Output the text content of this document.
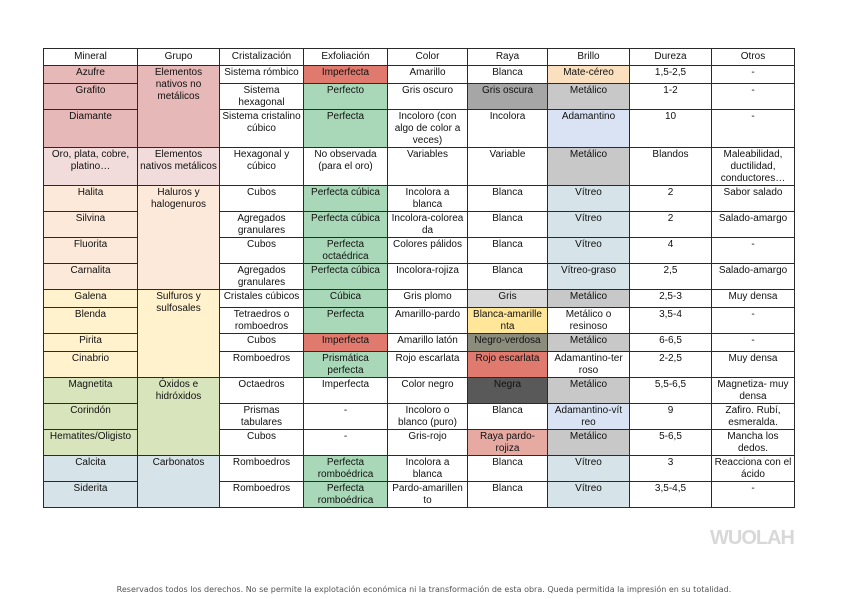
Mineral	Grupo	Cristalización	Exfoliación	Color	Raya	Brillo	Dureza	Otros
Azufre	Elementos nativos no metálicos	Sistema rómbico	Imperfecta	Amarillo	Blanca	Mate-céreo	1,5-2,5	-
Grafito		Sistema hexagonal	Perfecto	Gris oscuro	Gris oscura	Metálico	1-2	-
Diamante		Sistema cristalino cúbico	Perfecta	Incoloro (con algo de color a veces)	Incolora	Adamantino	10	-
Oro, plata, cobre, platino…	Elementos nativos metálicos	Hexagonal y cúbico	No observada (para el oro)	Variables	Variable	Metálico	Blandos	Maleabilidad, ductilidad, conductores…
Halita	Haluros y halogenuros	Cubos	Perfecta cúbica	Incolora a blanca	Blanca	Vítreo	2	Sabor salado
Silvina		Agregados granulares	Perfecta cúbica	Incolora-colorea da	Blanca	Vítreo	2	Salado-amargo
Fluorita		Cubos	Perfecta octaédrica	Colores pálidos	Blanca	Vítreo	4	-
Carnalita		Agregados granulares	Perfecta cúbica	Incolora-rojiza	Blanca	Vítreo-graso	2,5	Salado-amargo
Galena	Sulfuros y sulfosales	Cristales cúbicos	Cúbica	Gris plomo	Gris	Metálico	2,5-3	Muy densa
Blenda		Tetraedros o romboedros	Perfecta	Amarillo-pardo	Blanca-amarille nta	Metálico o resinoso	3,5-4	-
Pirita		Cubos	Imperfecta	Amarillo latón	Negro-verdosa	Metálico	6-6,5	-
Cinabrio		Romboedros	Prismática perfecta	Rojo escarlata	Rojo escarlata	Adamantino-ter roso	2-2,5	Muy densa
Magnetita	Óxidos e hidróxidos	Octaedros	Imperfecta	Color negro	Negra	Metálico	5,5-6,5	Magnetiza- muy densa
Corindón		Prismas tabulares	-	Incoloro o blanco (puro)	Blanca	Adamantino-vít reo	9	Zafiro. Rubí, esmeralda.
Hematites/Oligisto		Cubos	-	Gris-rojo	Raya pardo-rojiza	Metálico	5-6,5	Mancha los dedos.
Calcita	Carbonatos	Romboedros	Perfecta romboédrica	Incolora a blanca	Blanca	Vítreo	3	Reacciona con el ácido
Siderita		Romboedros	Perfecta romboédrica	Pardo-amarillen to	Blanca	Vítreo	3,5-4,5	-
WUOLAH
Reservados todos los derechos. No se permite la explotación económica ni la transformación de esta obra. Queda permitida la impresión en su totalidad.
